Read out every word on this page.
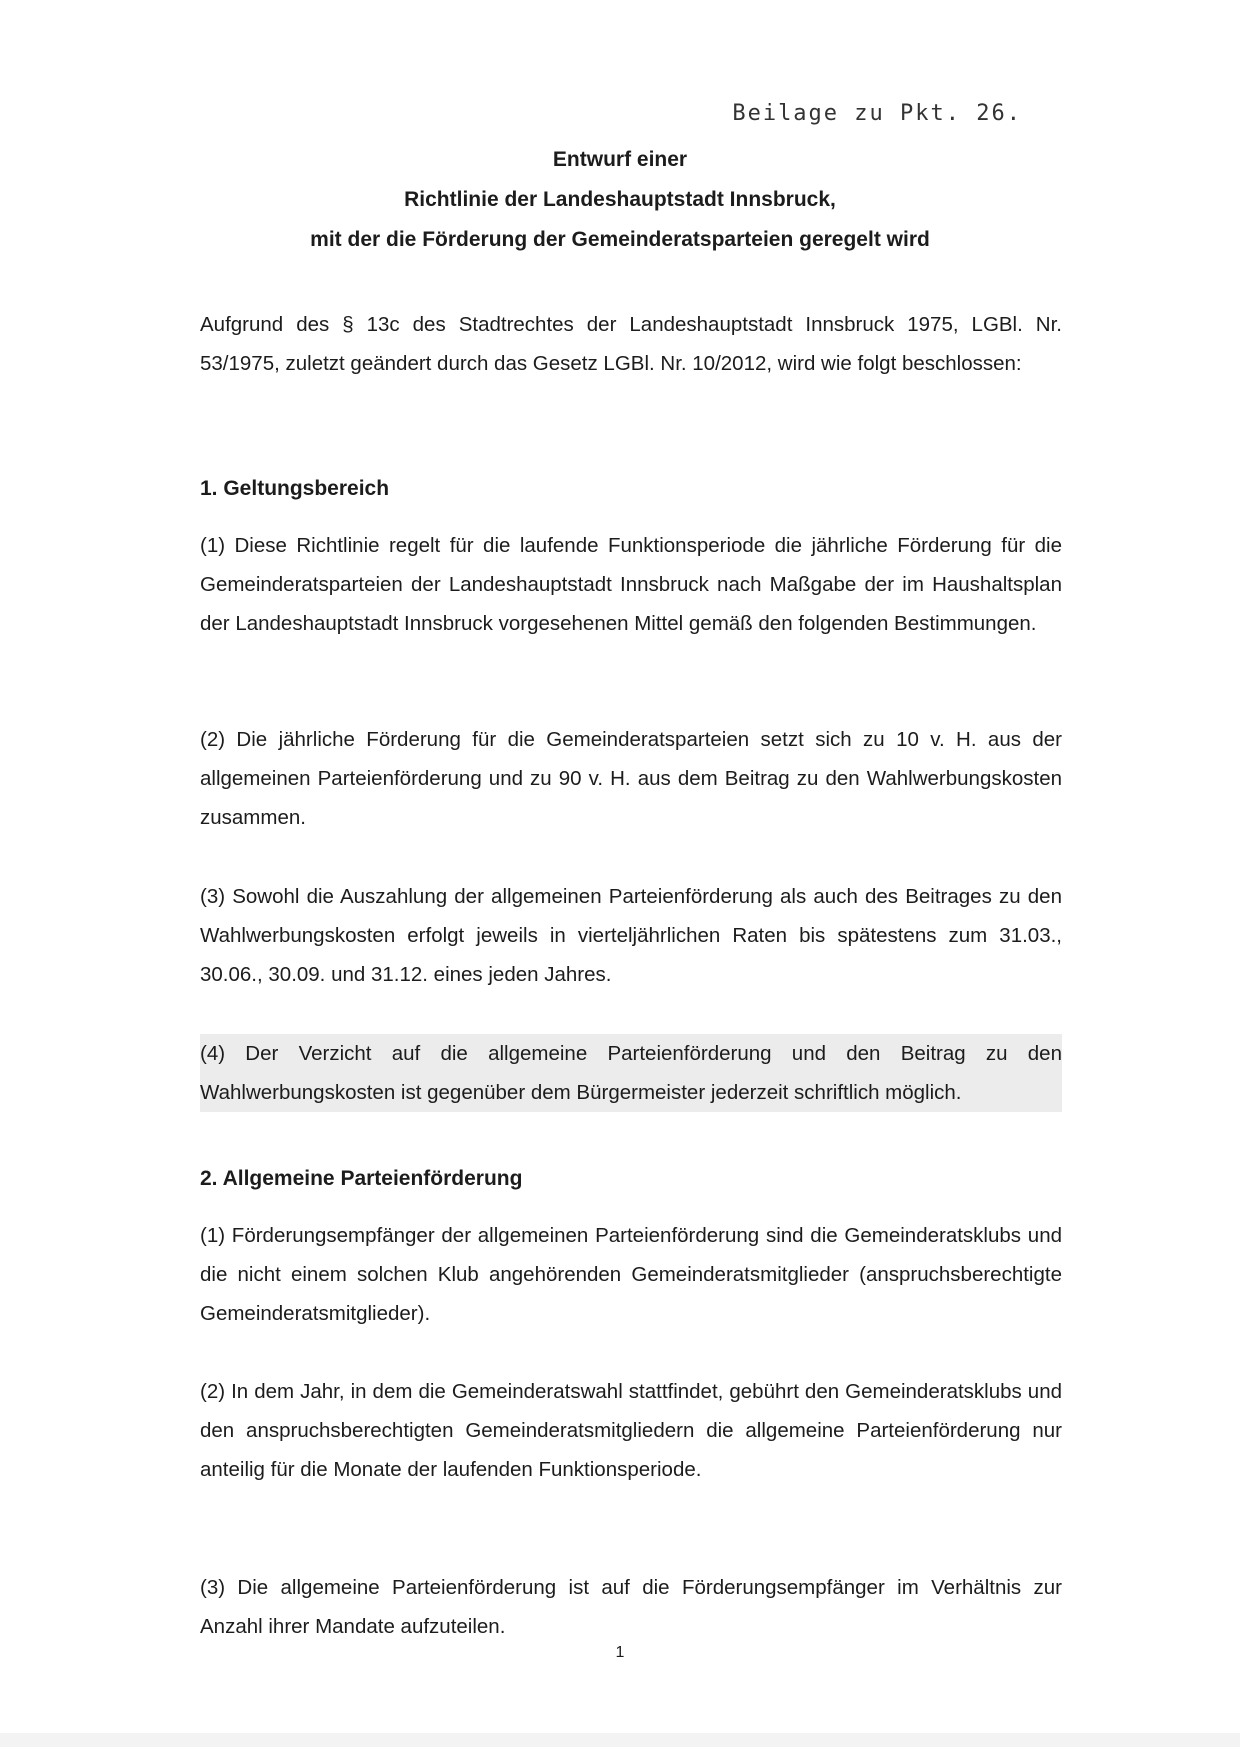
Beilage zu Pkt. 26.
Entwurf einer
Richtlinie der Landeshauptstadt Innsbruck,
mit der die Förderung der Gemeinderatsparteien geregelt wird
Aufgrund des § 13c des Stadtrechtes der Landeshauptstadt Innsbruck 1975, LGBl. Nr. 53/1975, zuletzt geändert durch das Gesetz LGBl. Nr. 10/2012, wird wie folgt beschlossen:
1. Geltungsbereich
(1) Diese Richtlinie regelt für die laufende Funktionsperiode die jährliche Förderung für die Gemeinderatsparteien der Landeshauptstadt Innsbruck nach Maßgabe der im Haushaltsplan der Landeshauptstadt Innsbruck vorgesehenen Mittel gemäß den folgenden Bestimmungen.
(2) Die jährliche Förderung für die Gemeinderatsparteien setzt sich zu 10 v. H. aus der allgemeinen Parteienförderung und zu 90 v. H. aus dem Beitrag zu den Wahlwerbungskosten zusammen.
(3) Sowohl die Auszahlung der allgemeinen Parteienförderung als auch des Beitrages zu den Wahlwerbungskosten erfolgt jeweils in vierteljährlichen Raten bis spätestens zum 31.03., 30.06., 30.09. und 31.12. eines jeden Jahres.
(4) Der Verzicht auf die allgemeine Parteienförderung und den Beitrag zu den Wahlwerbungskosten ist gegenüber dem Bürgermeister jederzeit schriftlich möglich.
2. Allgemeine Parteienförderung
(1) Förderungsempfänger der allgemeinen Parteienförderung sind die Gemeinderatsklubs und die nicht einem solchen Klub angehörenden Gemeinderatsmitglieder (anspruchsberechtigte Gemeinderatsmitglieder).
(2) In dem Jahr, in dem die Gemeinderatswahl stattfindet, gebührt den Gemeinderatsklubs und den anspruchsberechtigten Gemeinderatsmitgliedern die allgemeine Parteienförderung nur anteilig für die Monate der laufenden Funktionsperiode.
(3) Die allgemeine Parteienförderung ist auf die Förderungsempfänger im Verhältnis zur Anzahl ihrer Mandate aufzuteilen.
1
